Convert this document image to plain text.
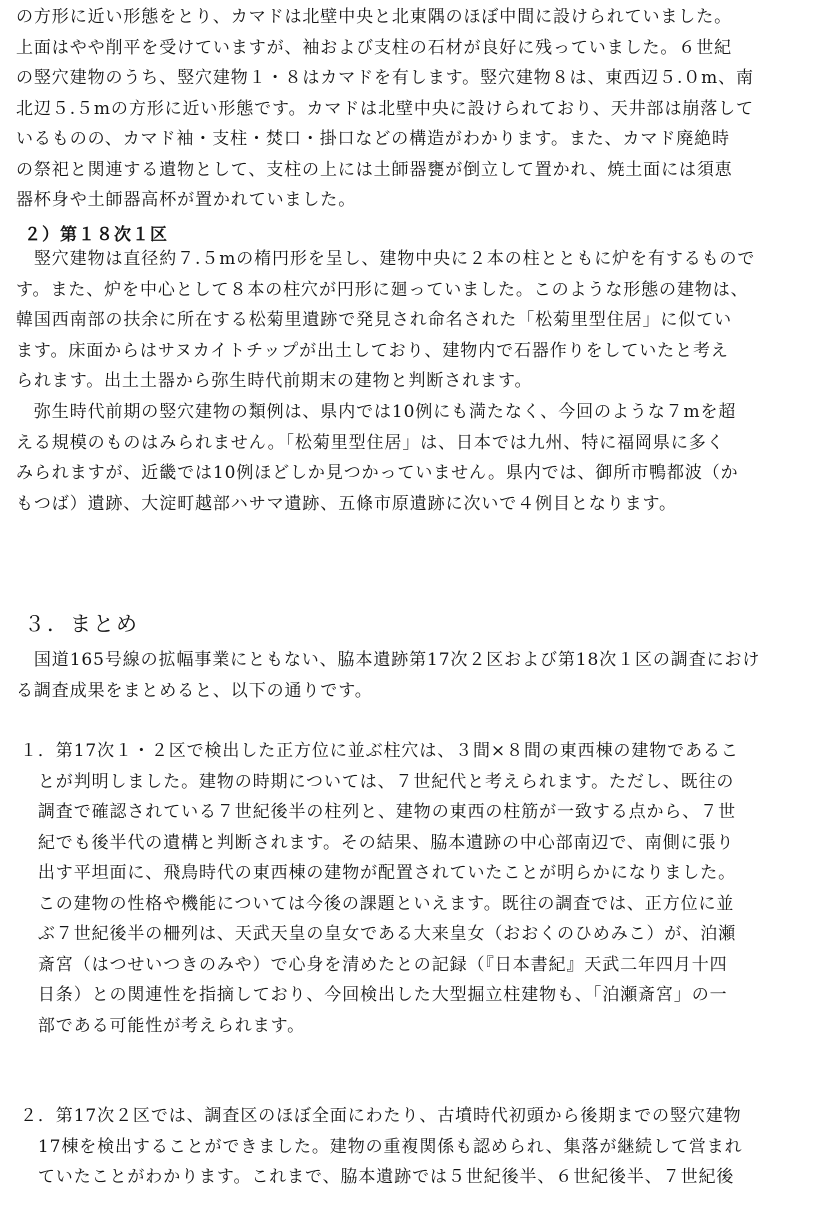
の方形に近い形態をとり、カマドは北壁中央と北東隅のほぼ中間に設けられていました。
上面はやや削平を受けていますが、袖および支柱の石材が良好に残っていました。６世紀
の竪穴建物のうち、竪穴建物１・８はカマドを有します。竪穴建物８は、東西辺５.０m、南
北辺５.５mの方形に近い形態です。カマドは北壁中央に設けられており、天井部は崩落して
いるものの、カマド袖・支柱・焚口・掛口などの構造がわかります。また、カマド廃絶時
の祭祀と関連する遺物として、支柱の上には土師器甕が倒立して置かれ、焼土面には須恵
器杯身や土師器高杯が置かれていました。
２）第１８次１区
　竪穴建物は直径約７.５mの楕円形を呈し、建物中央に２本の柱とともに炉を有するもので
す。また、炉を中心として８本の柱穴が円形に廻っていました。このような形態の建物は、
韓国西南部の扶余に所在する松菊里遺跡で発見され命名された「松菊里型住居」に似てい
ます。床面からはサヌカイトチップが出土しており、建物内で石器作りをしていたと考え
られます。出土土器から弥生時代前期末の建物と判断されます。
　弥生時代前期の竪穴建物の類例は、県内では10例にも満たなく、今回のような７mを超
える規模のものはみられません。「松菊里型住居」は、日本では九州、特に福岡県に多く
みられますが、近畿では10例ほどしか見つかっていません。県内では、御所市鴨都波（か
もつば）遺跡、大淀町越部ハサマ遺跡、五條市原遺跡に次いで４例目となります。
３．まとめ
　国道165号線の拡幅事業にともない、脇本遺跡第17次２区および第18次１区の調査におけ
る調査成果をまとめると、以下の通りです。
１．第17次１・２区で検出した正方位に並ぶ柱穴は、３間×８間の東西棟の建物であるこ
　とが判明しました。建物の時期については、７世紀代と考えられます。ただし、既往の
　調査で確認されている７世紀後半の柱列と、建物の東西の柱筋が一致する点から、７世
　紀でも後半代の遺構と判断されます。その結果、脇本遺跡の中心部南辺で、南側に張り
　出す平坦面に、飛鳥時代の東西棟の建物が配置されていたことが明らかになりました。
　この建物の性格や機能については今後の課題といえます。既往の調査では、正方位に並
　ぶ７世紀後半の柵列は、天武天皇の皇女である大来皇女（おおくのひめみこ）が、泊瀬
　斎宮（はつせいつきのみや）で心身を清めたとの記録（『日本書紀』天武二年四月十四
　日条）との関連性を指摘しており、今回検出した大型掘立柱建物も、「泊瀬斎宮」の一
　部である可能性が考えられます。
２．第17次２区では、調査区のほぼ全面にわたり、古墳時代初頭から後期までの竪穴建物
　17棟を検出することができました。建物の重複関係も認められ、集落が継続して営まれ
　ていたことがわかります。これまで、脇本遺跡では５世紀後半、６世紀後半、７世紀後
